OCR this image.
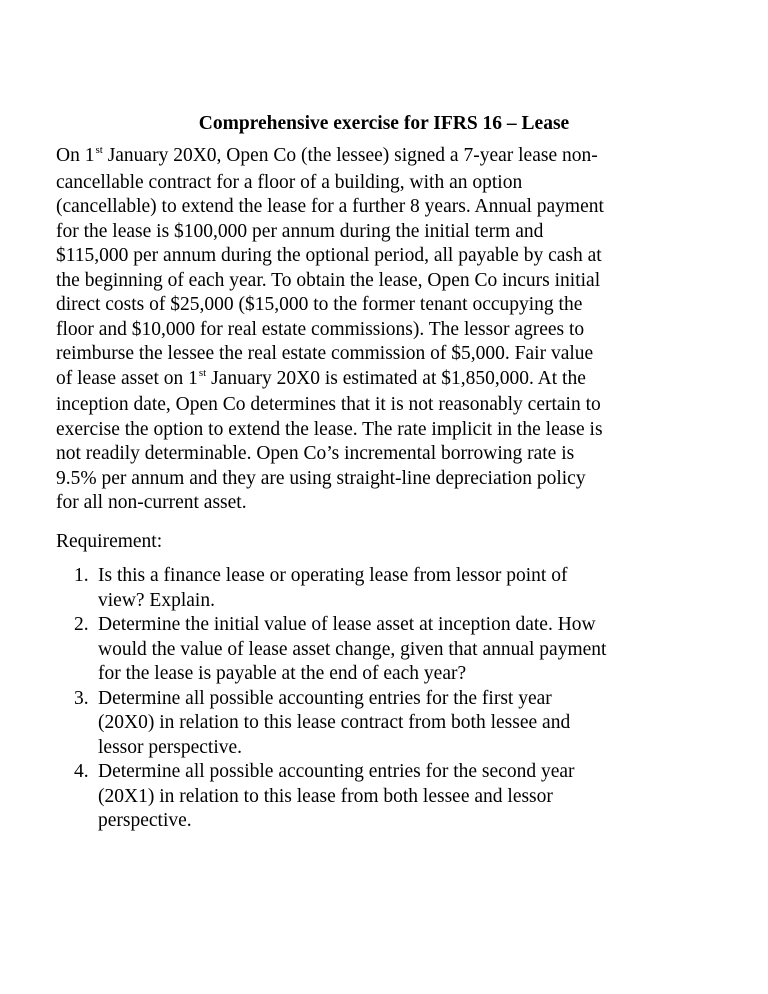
Comprehensive exercise for IFRS 16 – Lease

On 1st January 20X0, Open Co (the lessee) signed a 7-year lease non-
cancellable contract for a floor of a building, with an option
(cancellable) to extend the lease for a further 8 years. Annual payment
for the lease is $100,000 per annum during the initial term and
$115,000 per annum during the optional period, all payable by cash at
the beginning of each year. To obtain the lease, Open Co incurs initial
direct costs of $25,000 ($15,000 to the former tenant occupying the
floor and $10,000 for real estate commissions). The lessor agrees to
reimburse the lessee the real estate commission of $5,000. Fair value
of lease asset on 1st January 20X0 is estimated at $1,850,000. At the
inception date, Open Co determines that it is not reasonably certain to
exercise the option to extend the lease. The rate implicit in the lease is
not readily determinable. Open Co’s incremental borrowing rate is
9.5% per annum and they are using straight-line depreciation policy
for all non-current asset.

Requirement:

1. Is this a finance lease or operating lease from lessor point of
view? Explain.
2. Determine the initial value of lease asset at inception date. How
would the value of lease asset change, given that annual payment
for the lease is payable at the end of each year?
3. Determine all possible accounting entries for the first year
(20X0) in relation to this lease contract from both lessee and
lessor perspective.
4. Determine all possible accounting entries for the second year
(20X1) in relation to this lease from both lessee and lessor
perspective.
